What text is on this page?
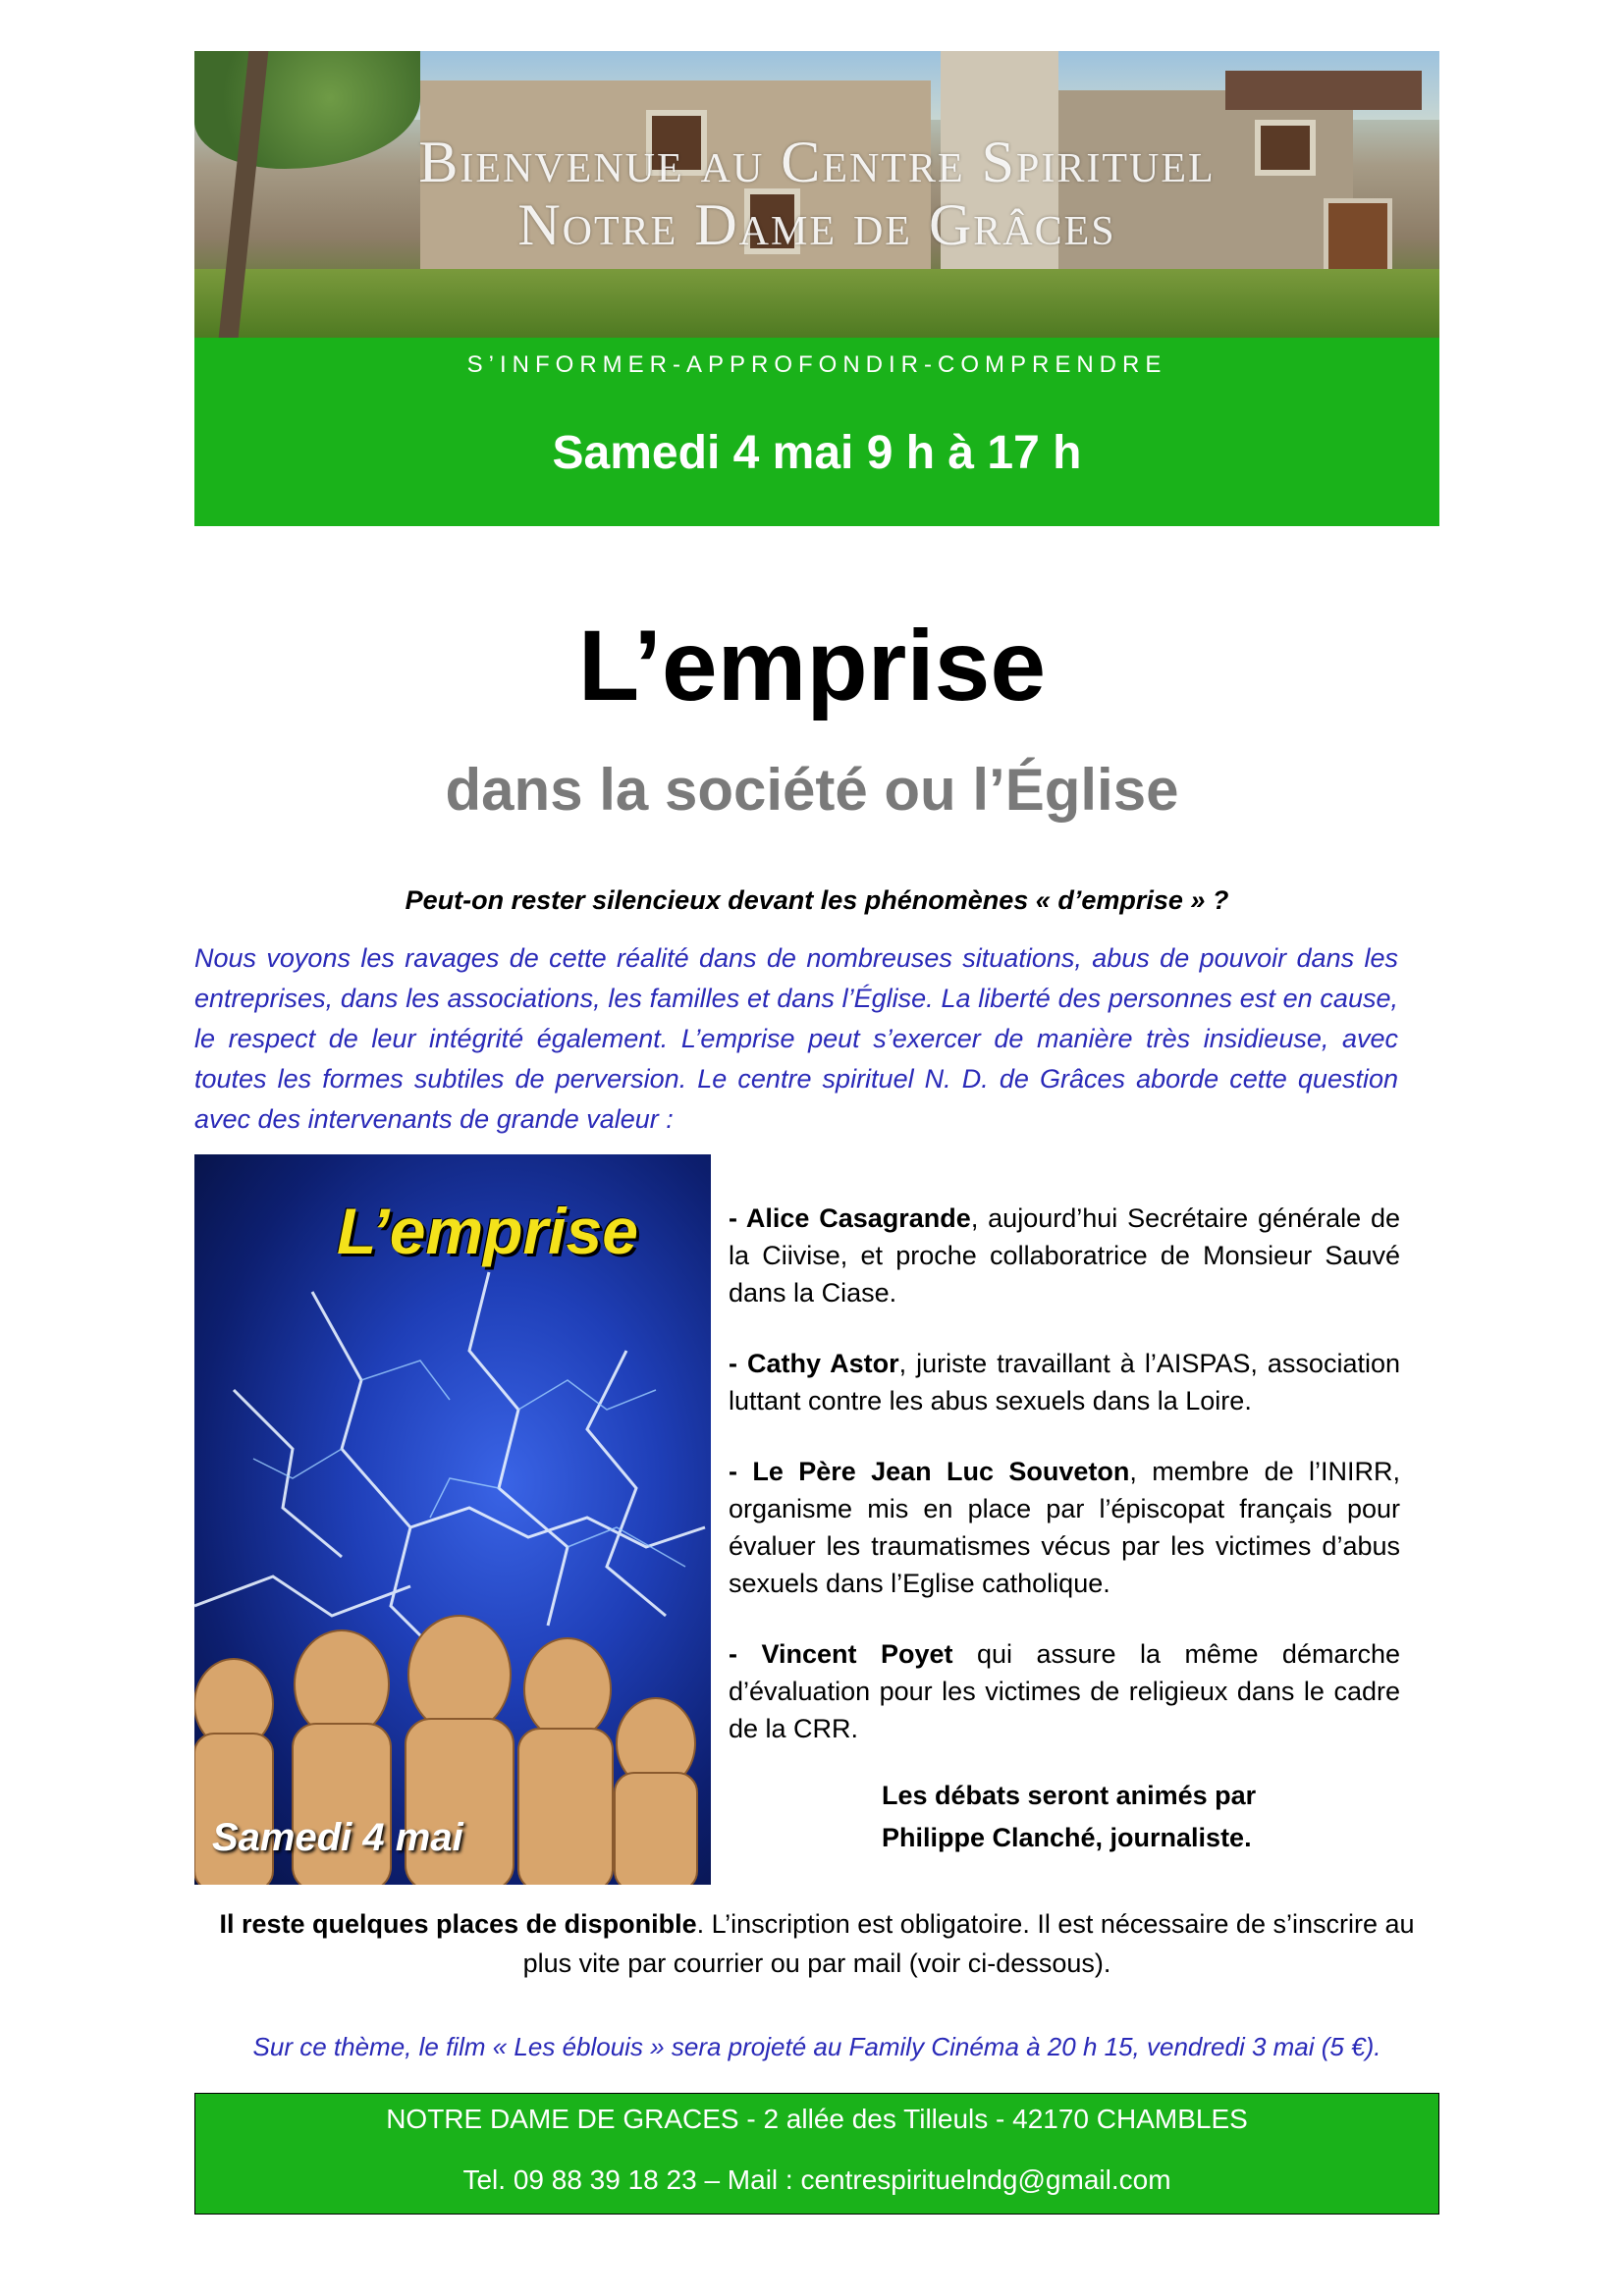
Bienvenue au Centre Spirituel
Notre Dame de Grâces
S’INFORMER-APPROFONDIR-COMPRENDRE
Samedi 4 mai 9 h à 17 h
L’emprise
dans la société ou l’Église
Peut-on rester silencieux devant les phénomènes « d’emprise » ?
Nous voyons les ravages de cette réalité dans de nombreuses situations, abus de pouvoir dans les entreprises, dans les associations, les familles et dans l’Église. La liberté des personnes est en cause, le respect de leur intégrité également. L’emprise peut s’exercer de manière très insidieuse, avec toutes les formes subtiles de perversion. Le centre spirituel N. D. de Grâces aborde cette question avec des intervenants de grande valeur :
L’emprise
Samedi 4 mai

- Alice Casagrande, aujourd’hui Secrétaire générale de la Ciivise, et proche collaboratrice de Monsieur Sauvé dans la Ciase.

- Cathy Astor, juriste travaillant à l’AISPAS, association luttant contre les abus sexuels dans la Loire.

- Le Père Jean Luc Souveton, membre de l’INIRR, organisme mis en place par l’épiscopat français pour évaluer les traumatismes vécus par les victimes d’abus sexuels dans l’Eglise catholique.

- Vincent Poyet qui assure la même démarche d’évaluation pour les victimes de religieux dans le cadre de la CRR.

Les débats seront animés par
Philippe Clanché, journaliste.
Il reste quelques places de disponible. L’inscription est obligatoire. Il est nécessaire de s’inscrire au plus vite par courrier ou par mail (voir ci-dessous).
Sur ce thème, le film « Les éblouis » sera projeté au Family Cinéma à 20 h 15, vendredi 3 mai (5 €).
NOTRE DAME DE GRACES - 2 allée des Tilleuls - 42170 CHAMBLES
Tel. 09 88 39 18 23 – Mail : centrespirituelndg@gmail.com
